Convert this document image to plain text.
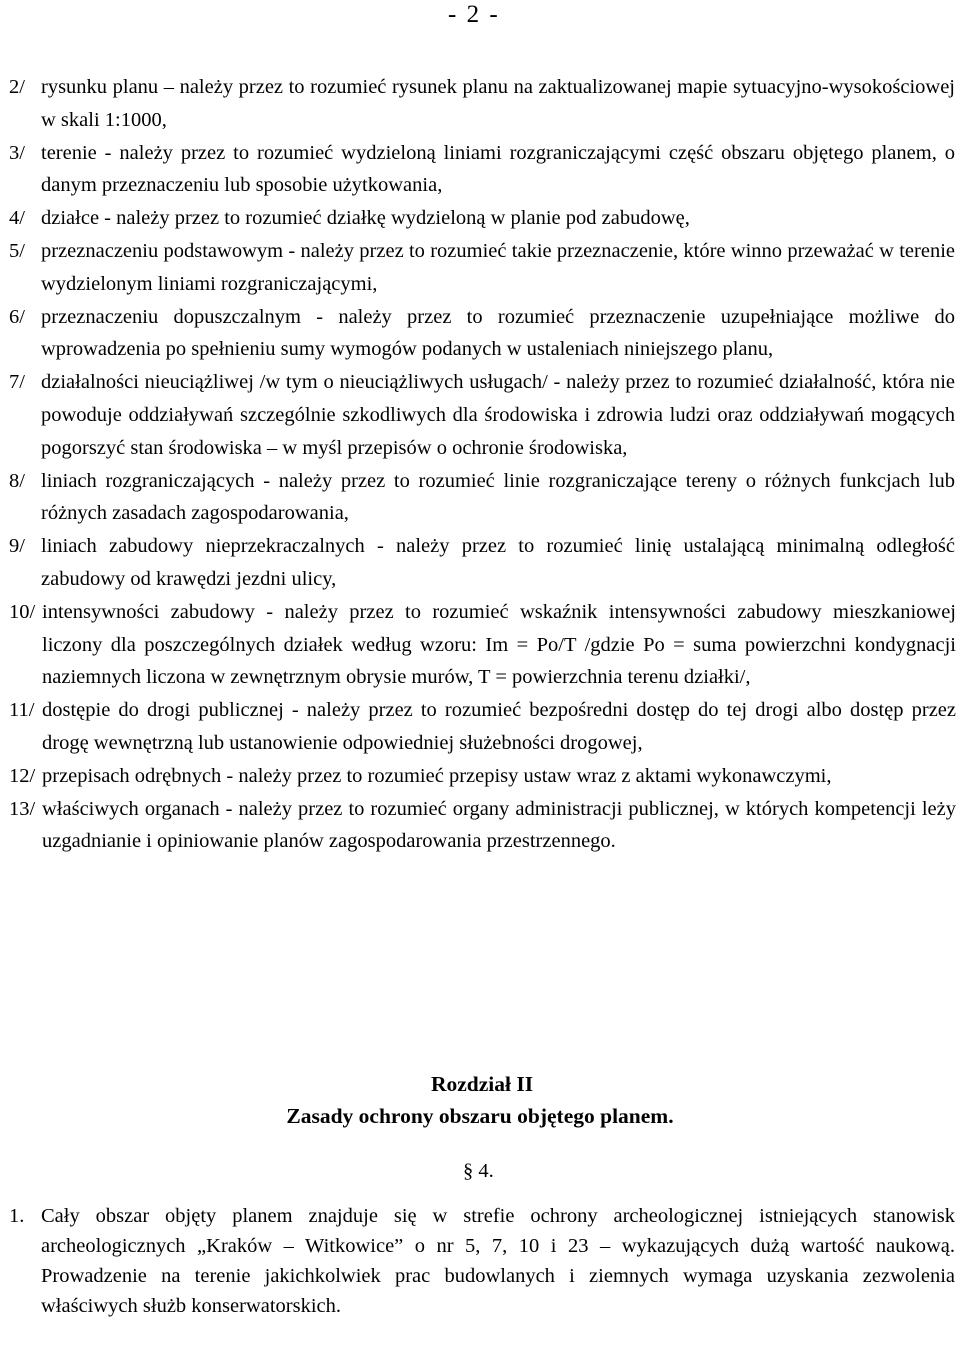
- 2 -
2/ rysunku planu – należy przez to rozumieć rysunek planu na zaktualizowanej mapie sytuacyjno-wysokościowej w skali 1:1000,
3/ terenie - należy przez to rozumieć wydzieloną liniami rozgraniczającymi część obszaru objętego planem, o danym przeznaczeniu lub sposobie użytkowania,
4/ działce - należy przez to rozumieć działkę wydzieloną w planie pod zabudowę,
5/ przeznaczeniu podstawowym - należy przez to rozumieć takie przeznaczenie, które winno przeważać w terenie wydzielonym liniami rozgraniczającymi,
6/ przeznaczeniu dopuszczalnym - należy przez to rozumieć przeznaczenie uzupełniające możliwe do wprowadzenia po spełnieniu sumy wymogów podanych w ustaleniach niniejszego planu,
7/ działalności nieuciążliwej /w tym o nieuciążliwych usługach/ - należy przez to rozumieć działalność, która nie powoduje oddziaływań szczególnie szkodliwych dla środowiska i zdrowia ludzi oraz oddziaływań mogących pogorszyć stan środowiska – w myśl przepisów o ochronie środowiska,
8/ liniach rozgraniczających - należy przez to rozumieć linie rozgraniczające tereny o różnych funkcjach lub różnych zasadach zagospodarowania,
9/ liniach zabudowy nieprzekraczalnych - należy przez to rozumieć linię ustalającą minimalną odległość zabudowy od krawędzi jezdni ulicy,
10/ intensywności zabudowy - należy przez to rozumieć wskaźnik intensywności zabudowy mieszkaniowej liczony dla poszczególnych działek według wzoru: Im = Po/T /gdzie Po = suma powierzchni kondygnacji naziemnych liczona w zewnętrznym obrysie murów, T = powierzchnia terenu działki/,
11/ dostępie do drogi publicznej - należy przez to rozumieć bezpośredni dostęp do tej drogi albo dostęp przez drogę wewnętrzną lub ustanowienie odpowiedniej służebności drogowej,
12/ przepisach odrębnych - należy przez to rozumieć przepisy ustaw wraz z aktami wykonawczymi,
13/ właściwych organach - należy przez to rozumieć organy administracji publicznej, w których kompetencji leży uzgadnianie i opiniowanie planów zagospodarowania przestrzennego.
Rozdział II
Zasady ochrony obszaru objętego planem.
§ 4.
1. Cały obszar objęty planem znajduje się w strefie ochrony archeologicznej istniejących stanowisk archeologicznych „Kraków – Witkowice” o nr 5, 7, 10 i 23 – wykazujących dużą wartość naukową. Prowadzenie na terenie jakichkolwiek prac budowlanych i ziemnych wymaga uzyskania zezwolenia właściwych służb konserwatorskich.
